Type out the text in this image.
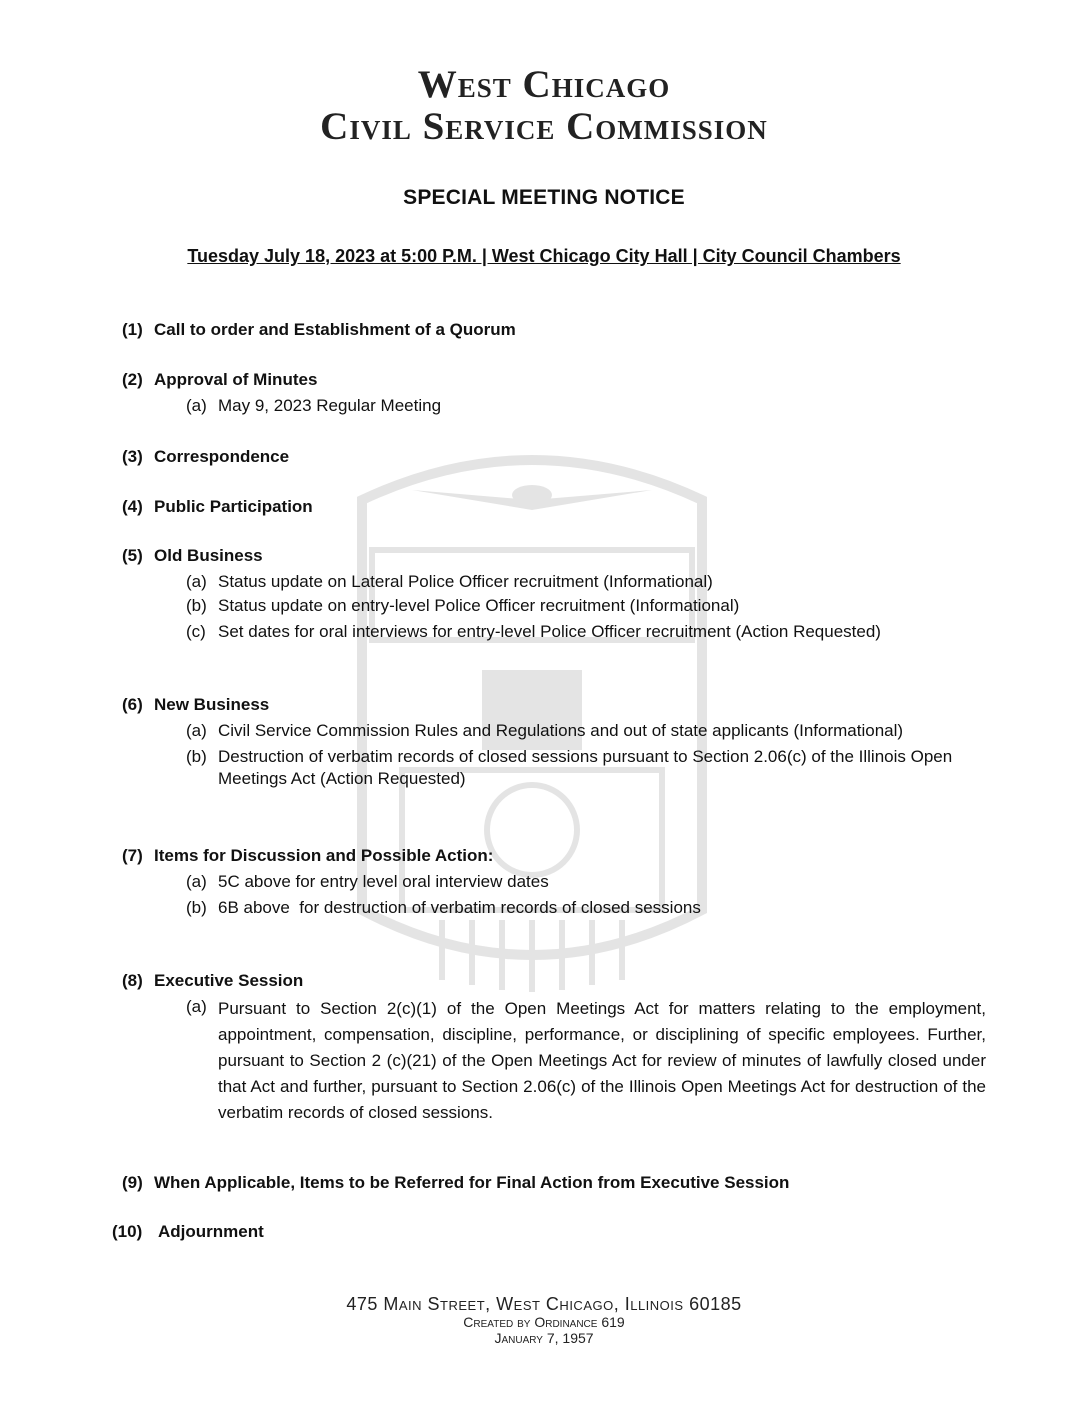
West Chicago
Civil Service Commission
SPECIAL MEETING NOTICE
Tuesday July 18, 2023 at 5:00 P.M. | West Chicago City Hall | City Council Chambers
(1) Call to order and Establishment of a Quorum
(2) Approval of Minutes
(a) May 9, 2023 Regular Meeting
(3) Correspondence
(4) Public Participation
(5) Old Business
(a) Status update on Lateral Police Officer recruitment (Informational)
(b) Status update on entry-level Police Officer recruitment (Informational)
(c) Set dates for oral interviews for entry-level Police Officer recruitment (Action Requested)
(6) New Business
(a) Civil Service Commission Rules and Regulations and out of state applicants (Informational)
(b) Destruction of verbatim records of closed sessions pursuant to Section 2.06(c) of the Illinois Open Meetings Act (Action Requested)
(7) Items for Discussion and Possible Action:
(a) 5C above for entry level oral interview dates
(b) 6B above  for destruction of verbatim records of closed sessions
(8) Executive Session
(a) Pursuant to Section 2(c)(1) of the Open Meetings Act for matters relating to the employment, appointment, compensation, discipline, performance, or disciplining of specific employees. Further, pursuant to Section 2 (c)(21) of the Open Meetings Act for review of minutes of lawfully closed under that Act and further, pursuant to Section 2.06(c) of the Illinois Open Meetings Act for destruction of the verbatim records of closed sessions.
(9) When Applicable, Items to be Referred for Final Action from Executive Session
(10) Adjournment
475 Main Street, West Chicago, Illinois 60185
Created by Ordinance 619
January 7, 1957
